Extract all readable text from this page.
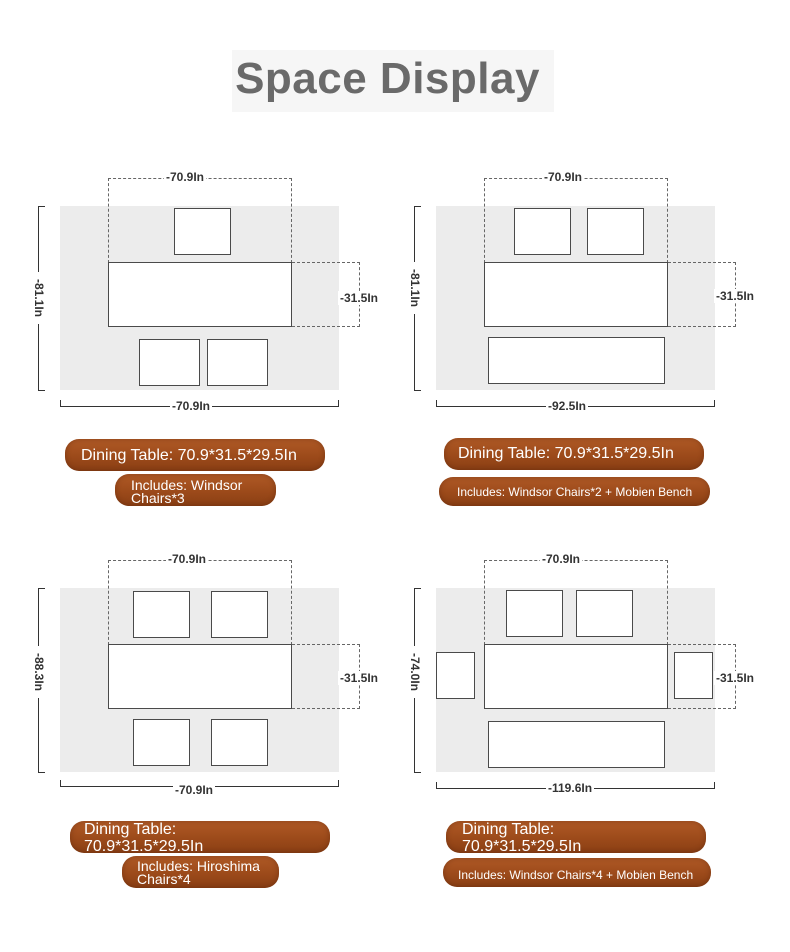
Space Display
-70.9In
-31.5In
-81.1In
-70.9In
Dining Table: 70.9*31.5*29.5In
Includes: Windsor Chairs*3
-70.9In
-31.5In
-81.1In
-92.5In
Dining Table: 70.9*31.5*29.5In
Includes: Windsor Chairs*2 + Mobien Bench
-70.9In
-31.5In
-88.3In
-70.9In
Dining Table: 70.9*31.5*29.5In
Includes: Hiroshima Chairs*4
-70.9In
-31.5In
-74.0In
-119.6In
Dining Table: 70.9*31.5*29.5In
Includes: Windsor Chairs*4 + Mobien Bench
